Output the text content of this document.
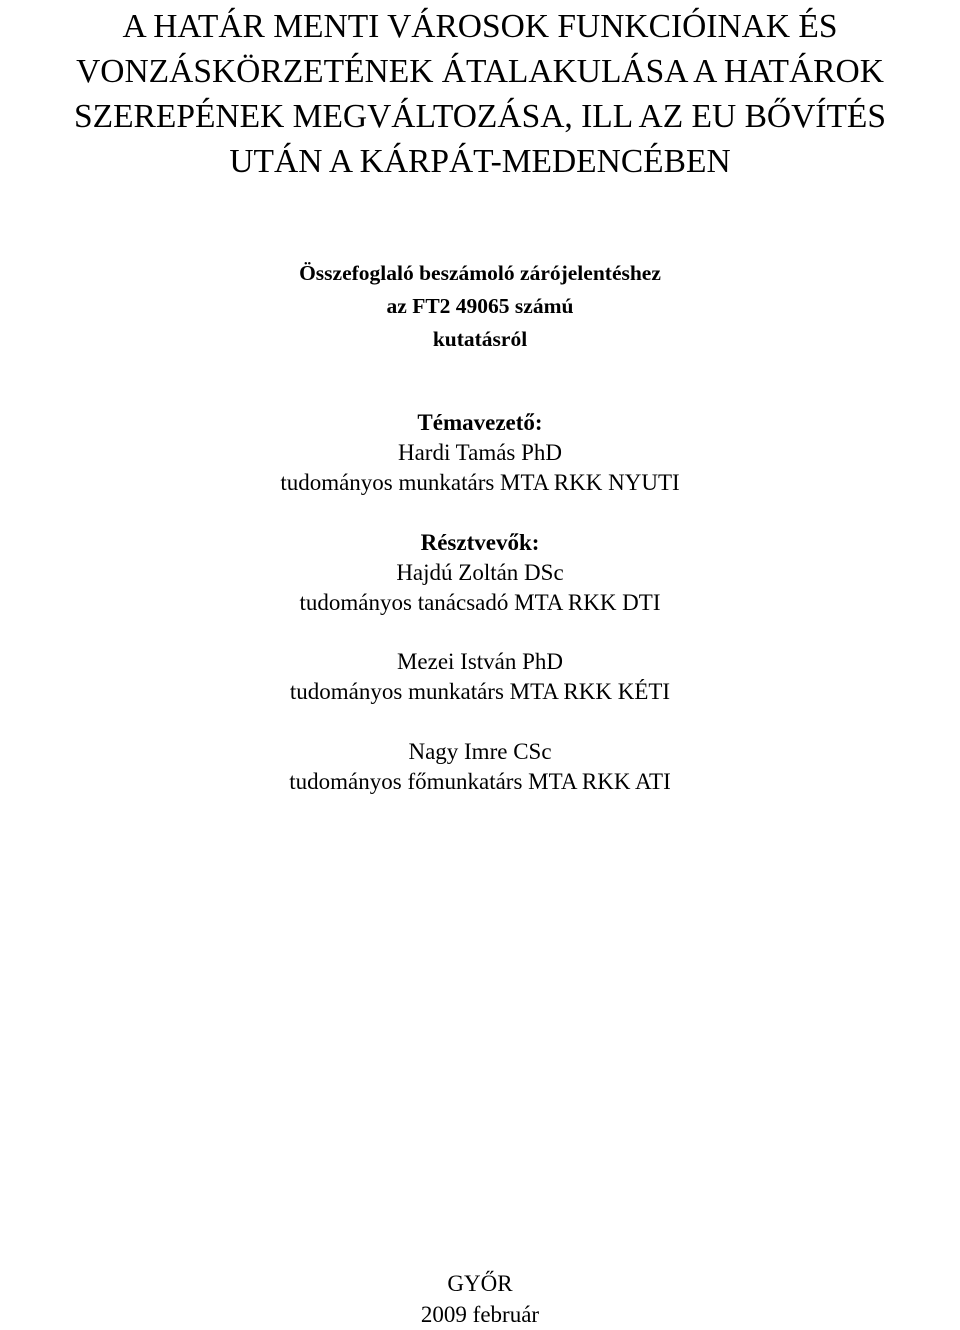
A HATÁR MENTI VÁROSOK FUNKCIÓINAK ÉS
VONZÁSKÖRZETÉNEK ÁTALAKULÁSA A HATÁROK
SZEREPÉNEK MEGVÁLTOZÁSA, ILL AZ EU BŐVÍTÉS
UTÁN A KÁRPÁT-MEDENCÉBEN
Összefoglaló beszámoló zárójelentéshez
az FT2 49065 számú
kutatásról
Témavezető:
Hardi Tamás PhD
tudományos munkatárs MTA RKK NYUTI
Résztvevők:
Hajdú Zoltán DSc
tudományos tanácsadó MTA RKK DTI
Mezei István PhD
tudományos munkatárs MTA RKK KÉTI
Nagy Imre CSc
tudományos főmunkatárs MTA RKK ATI
GYŐR
2009 február
